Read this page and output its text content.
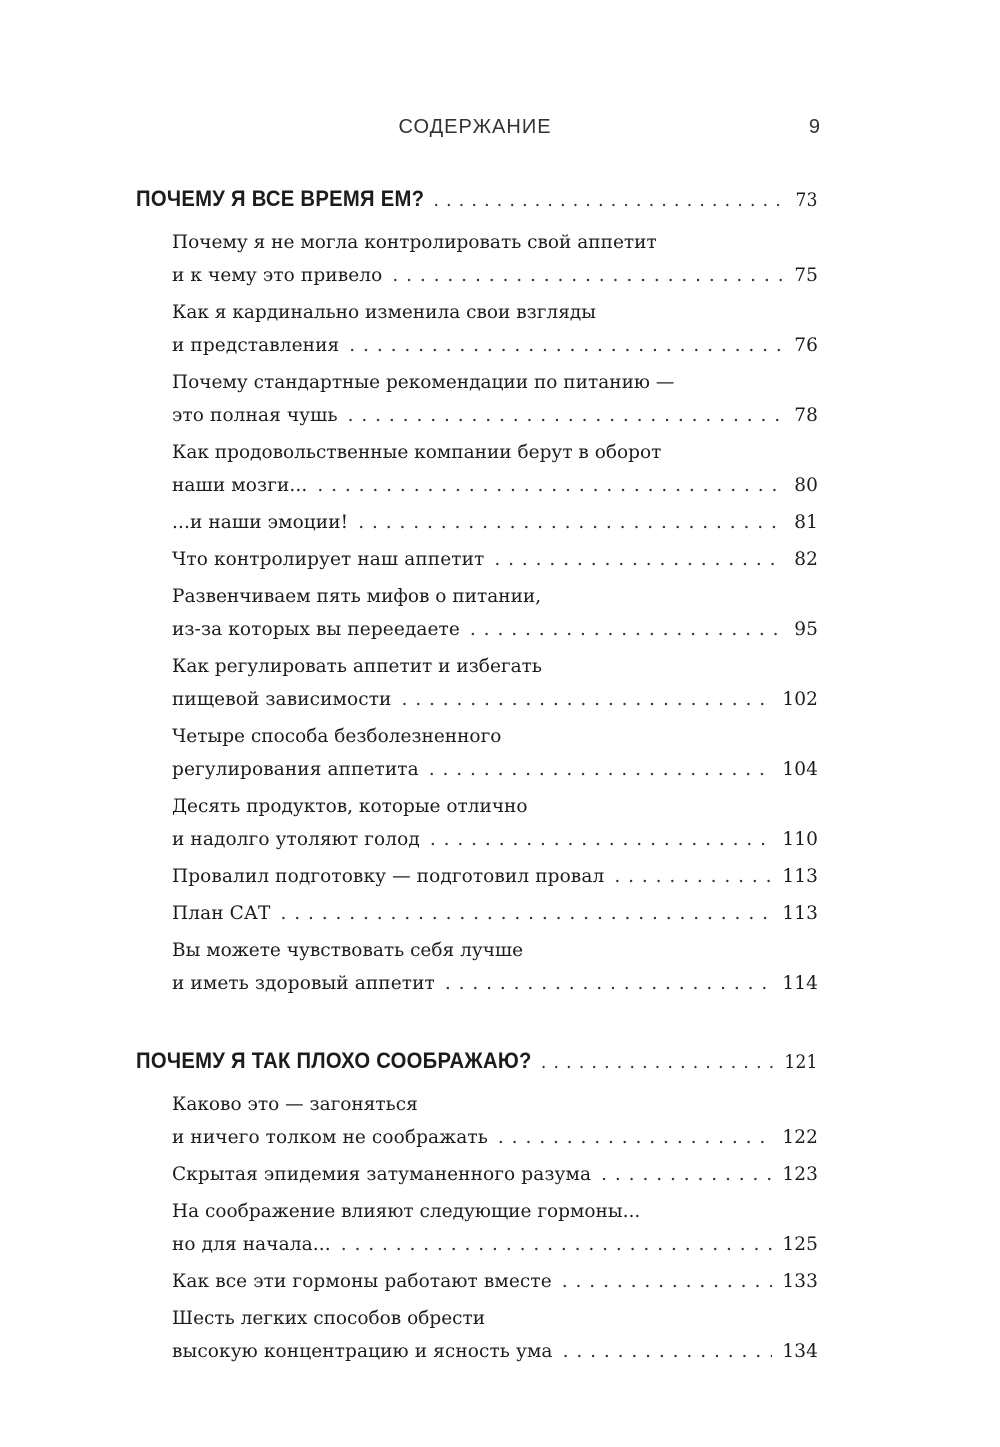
СОДЕРЖАНИЕ	9
ПОЧЕМУ Я ВСЕ ВРЕМЯ ЕМ? . . .	73
Почему я не могла контролировать свой аппетит
и к чему это привело . . .	75
Как я кардинально изменила свои взгляды
и представления . . .	76
Почему стандартные рекомендации по питанию —
это полная чушь . . .	78
Как продовольственные компании берут в оборот
наши мозги... . . .	80
...и наши эмоции! . . .	81
Что контролирует наш аппетит . . .	82
Развенчиваем пять мифов о питании,
из-за которых вы переедаете . . .	95
Как регулировать аппетит и избегать
пищевой зависимости . . .	102
Четыре способа безболезненного
регулирования аппетита . . .	104
Десять продуктов, которые отлично
и надолго утоляют голод . . .	110
Провалил подготовку — подготовил провал . . .	113
План САТ . . .	113
Вы можете чувствовать себя лучше
и иметь здоровый аппетит . . .	114
ПОЧЕМУ Я ТАК ПЛОХО СООБРАЖАЮ? . . .	121
Каково это — загоняться
и ничего толком не соображать . . .	122
Скрытая эпидемия затуманенного разума . . .	123
На соображение влияют следующие гормоны...
но для начала... . . .	125
Как все эти гормоны работают вместе . . .	133
Шесть легких способов обрести
высокую концентрацию и ясность ума . . .	134
